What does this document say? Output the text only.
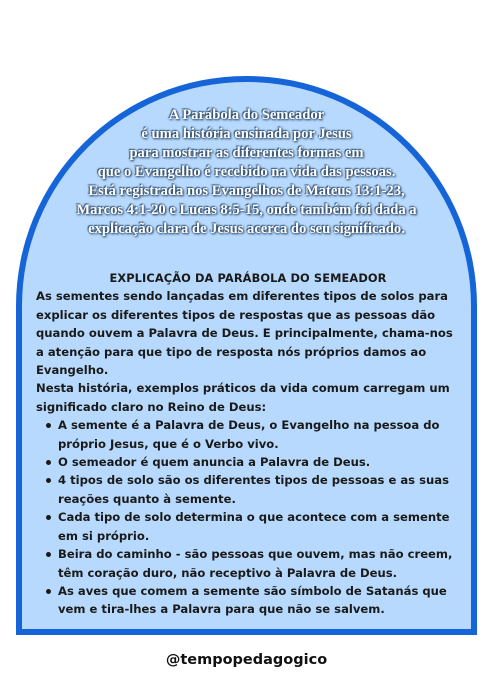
A Parábola do Semeador
é uma história ensinada por Jesus
para mostrar as diferentes formas em
que o Evangelho é recebido na vida das pessoas.
Está registrada nos Evangelhos de Mateus 13:1-23,
Marcos 4:1-20 e Lucas 8:5-15, onde também foi dada a
explicação clara de Jesus acerca do seu significado.
EXPLICAÇÃO DA PARÁBOLA DO SEMEADOR

As sementes sendo lançadas em diferentes tipos de solos para explicar os diferentes tipos de respostas que as pessoas dão quando ouvem a Palavra de Deus. E principalmente, chama-nos a atenção para que tipo de resposta nós próprios damos ao Evangelho.

Nesta história, exemplos práticos da vida comum carregam um significado claro no Reino de Deus:

A semente é a Palavra de Deus, o Evangelho na pessoa do próprio Jesus, que é o Verbo vivo.
O semeador é quem anuncia a Palavra de Deus.
4 tipos de solo são os diferentes tipos de pessoas e as suas reações quanto à semente.
Cada tipo de solo determina o que acontece com a semente em si próprio.
Beira do caminho - são pessoas que ouvem, mas não creem, têm coração duro, não receptivo à Palavra de Deus.
As aves que comem a semente são símbolo de Satanás que vem e tira-lhes a Palavra para que não se salvem.
@tempopedagogico
